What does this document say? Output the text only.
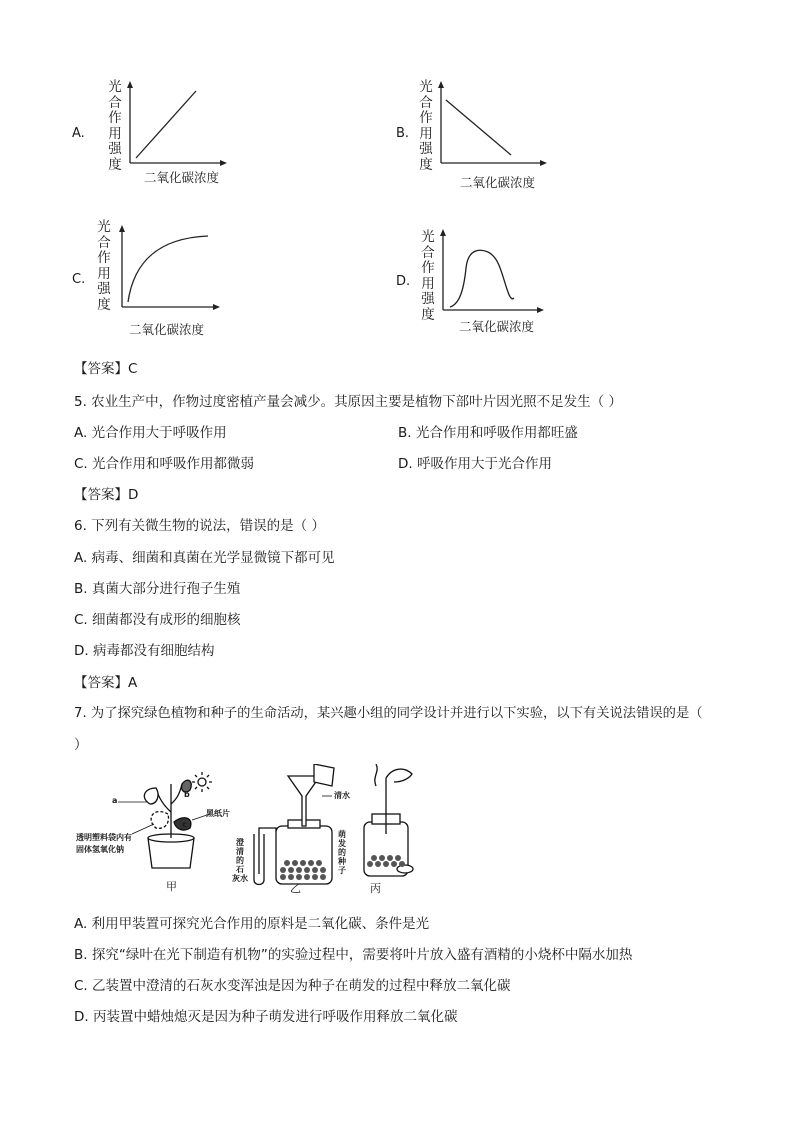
A.
光
合
作
用
强
度
二氧化碳浓度
B.
光
合
作
用
强
度
二氧化碳浓度
C.
光
合
作
用
强
度
二氧化碳浓度
D.
光
合
作
用
强
度
二氧化碳浓度
【答案】C
5. 农业生产中，作物过度密植产量会减少。其原因主要是植物下部叶片因光照不足发生（ ）
A. 光合作用大于呼吸作用	B. 光合作用和呼吸作用都旺盛
C. 光合作用和呼吸作用都微弱	D. 呼吸作用大于光合作用
【答案】D
6. 下列有关微生物的说法，错误的是（ ）
A. 病毒、细菌和真菌在光学显微镜下都可见
B. 真菌大部分进行孢子生殖
C. 细菌都没有成形的细胞核
D. 病毒都没有细胞结构
【答案】A
7. 为了探究绿色植物和种子的生命活动，某兴趣小组的同学设计并进行以下实验，以下有关说法错误的是（
）
a
b
c
黑纸片
透明塑料袋内有
固体氢氧化钠
清水
澄
清
的
石
灰水
萌
发
的
种
子
甲	乙	丙
A. 利用甲装置可探究光合作用的原料是二氧化碳、条件是光
B. 探究“绿叶在光下制造有机物”的实验过程中，需要将叶片放入盛有酒精的小烧杯中隔水加热
C. 乙装置中澄清的石灰水变浑浊是因为种子在萌发的过程中释放二氧化碳
D. 丙装置中蜡烛熄灭是因为种子萌发进行呼吸作用释放二氧化碳
